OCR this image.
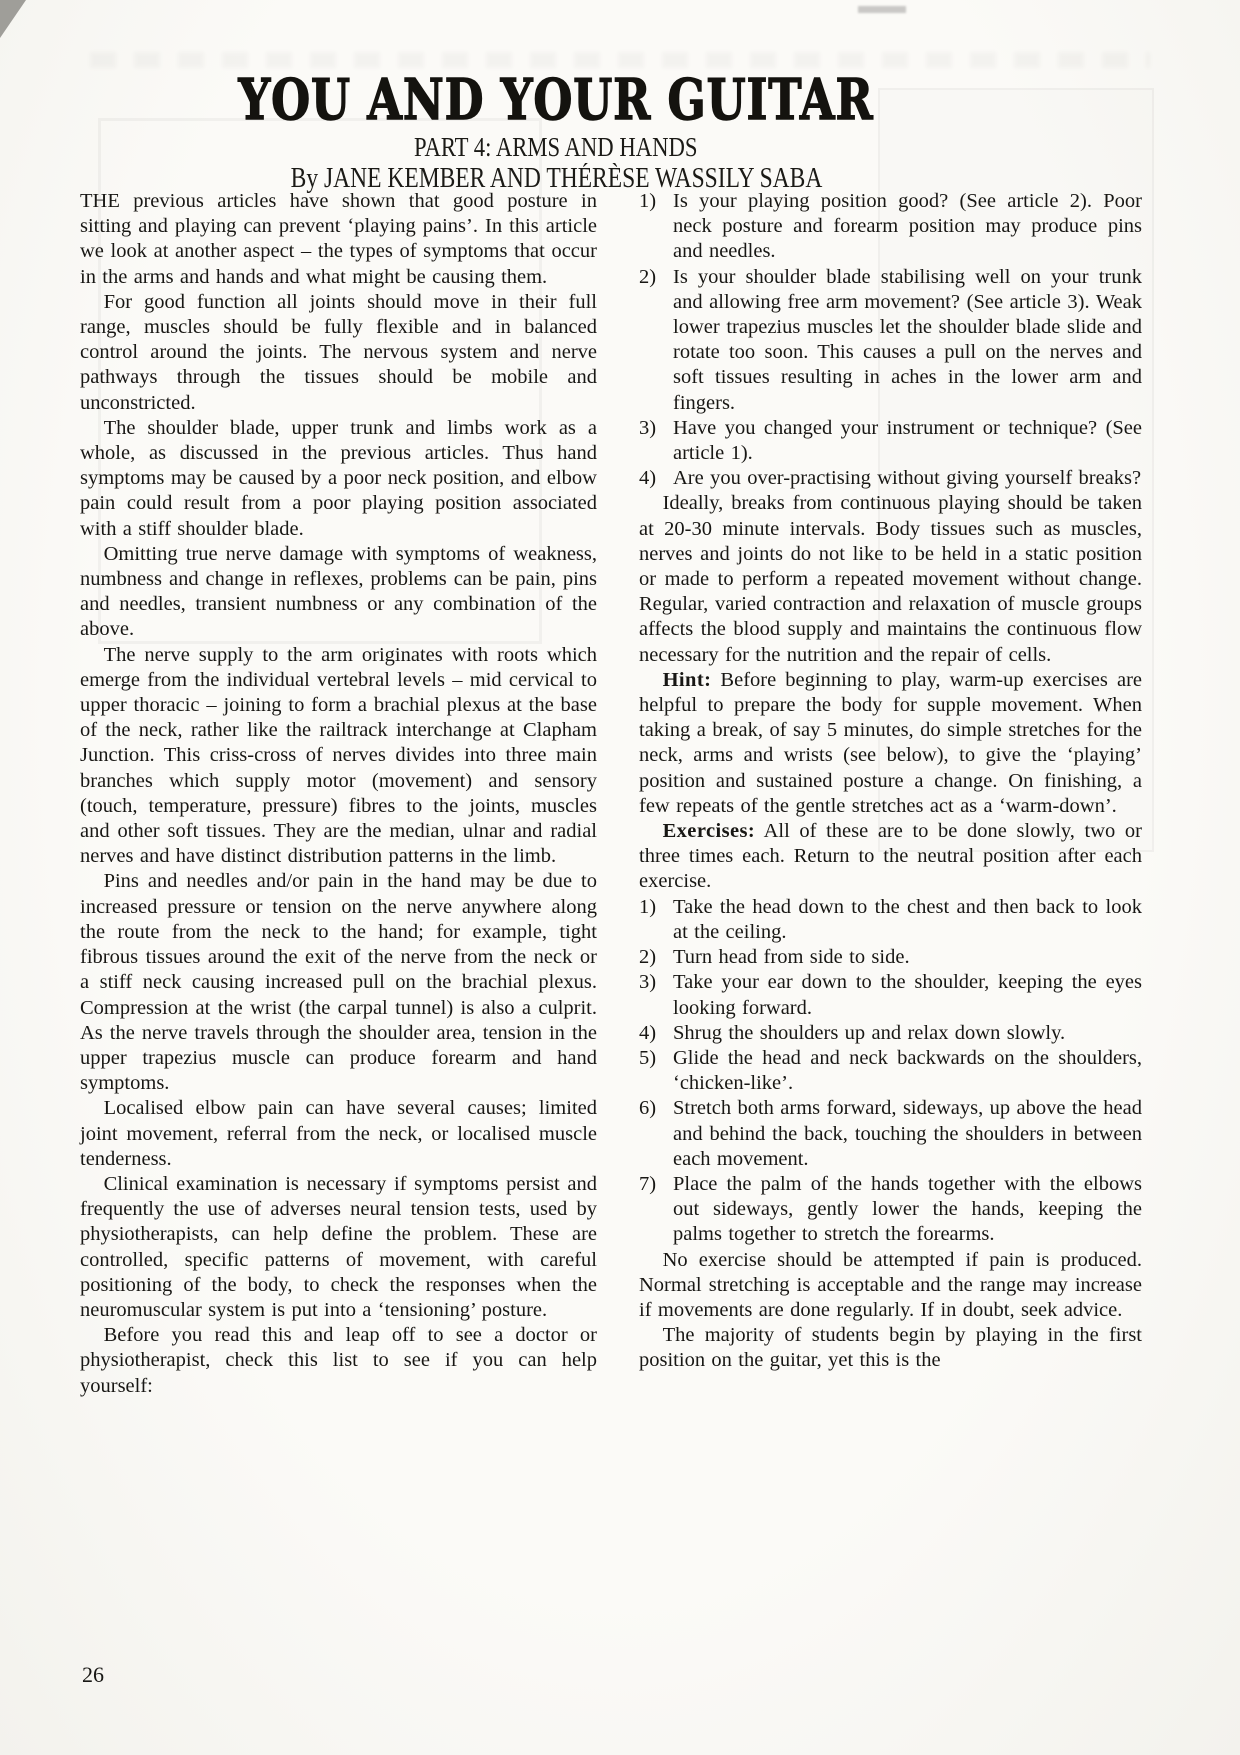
YOU AND YOUR GUITAR
PART 4: ARMS AND HANDS
By JANE KEMBER AND THÉRÈSE WASSILY SABA

THE previous articles have shown that good posture in sitting and playing can prevent ‘playing pains’. In this article we look at another aspect – the types of symptoms that occur in the arms and hands and what might be causing them.

For good function all joints should move in their full range, muscles should be fully flexible and in balanced control around the joints. The nervous system and nerve pathways through the tissues should be mobile and unconstricted.

The shoulder blade, upper trunk and limbs work as a whole, as discussed in the previous articles. Thus hand symptoms may be caused by a poor neck position, and elbow pain could result from a poor playing position associated with a stiff shoulder blade.

Omitting true nerve damage with symptoms of weakness, numbness and change in reflexes, problems can be pain, pins and needles, transient numbness or any combination of the above.

The nerve supply to the arm originates with roots which emerge from the individual vertebral levels – mid cervical to upper thoracic – joining to form a brachial plexus at the base of the neck, rather like the railtrack interchange at Clapham Junction. This criss-cross of nerves divides into three main branches which supply motor (movement) and sensory (touch, temperature, pressure) fibres to the joints, muscles and other soft tissues. They are the median, ulnar and radial nerves and have distinct distribution patterns in the limb.

Pins and needles and/or pain in the hand may be due to increased pressure or tension on the nerve anywhere along the route from the neck to the hand; for example, tight fibrous tissues around the exit of the nerve from the neck or a stiff neck causing increased pull on the brachial plexus. Compression at the wrist (the carpal tunnel) is also a culprit. As the nerve travels through the shoulder area, tension in the upper trapezius muscle can produce forearm and hand symptoms.

Localised elbow pain can have several causes; limited joint movement, referral from the neck, or localised muscle tenderness.

Clinical examination is necessary if symptoms persist and frequently the use of adverses neural tension tests, used by physiotherapists, can help define the problem. These are controlled, specific patterns of movement, with careful positioning of the body, to check the responses when the neuromuscular system is put into a ‘tensioning’ posture.

Before you read this and leap off to see a doctor or physiotherapist, check this list to see if you can help yourself:

1) Is your playing position good? (See article 2). Poor neck posture and forearm position may produce pins and needles.

2) Is your shoulder blade stabilising well on your trunk and allowing free arm movement? (See article 3). Weak lower trapezius muscles let the shoulder blade slide and rotate too soon. This causes a pull on the nerves and soft tissues resulting in aches in the lower arm and fingers.

3) Have you changed your instrument or technique? (See article 1).

4) Are you over-practising without giving yourself breaks?

Ideally, breaks from continuous playing should be taken at 20-30 minute intervals. Body tissues such as muscles, nerves and joints do not like to be held in a static position or made to perform a repeated movement without change. Regular, varied contraction and relaxation of muscle groups affects the blood supply and maintains the continuous flow necessary for the nutrition and the repair of cells.

Hint: Before beginning to play, warm-up exercises are helpful to prepare the body for supple movement. When taking a break, of say 5 minutes, do simple stretches for the neck, arms and wrists (see below), to give the ‘playing’ position and sustained posture a change. On finishing, a few repeats of the gentle stretches act as a ‘warm-down’.

Exercises: All of these are to be done slowly, two or three times each. Return to the neutral position after each exercise.

1) Take the head down to the chest and then back to look at the ceiling.

2) Turn head from side to side.

3) Take your ear down to the shoulder, keeping the eyes looking forward.

4) Shrug the shoulders up and relax down slowly.

5) Glide the head and neck backwards on the shoulders, ‘chicken-like’.

6) Stretch both arms forward, sideways, up above the head and behind the back, touching the shoulders in between each movement.

7) Place the palm of the hands together with the elbows out sideways, gently lower the hands, keeping the palms together to stretch the forearms.

No exercise should be attempted if pain is produced. Normal stretching is acceptable and the range may increase if movements are done regularly. If in doubt, seek advice.

The majority of students begin by playing in the first position on the guitar, yet this is the

26
